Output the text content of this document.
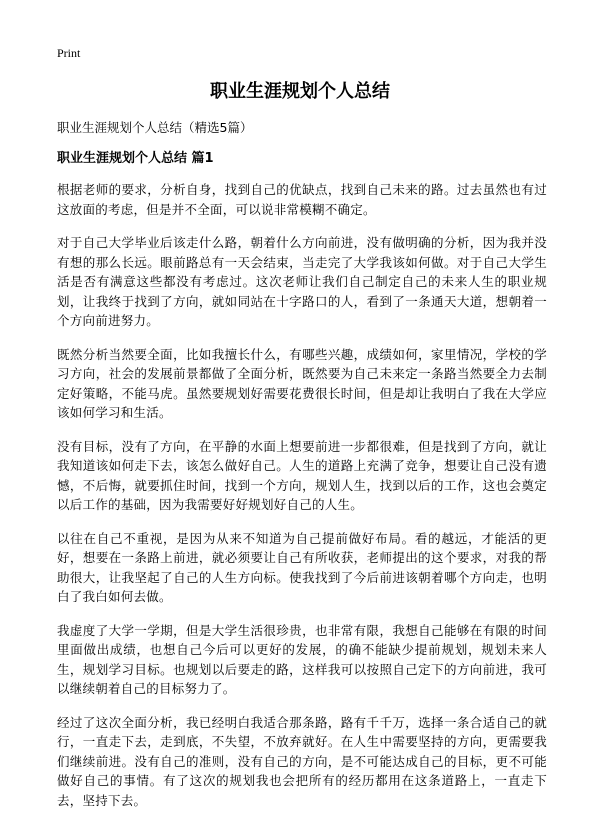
Print
职业生涯规划个人总结

职业生涯规划个人总结（精选5篇）

职业生涯规划个人总结 篇1

根据老师的要求，分析自身，找到自己的优缺点，找到自己未来的路。过去虽然也有过这放面的考虑，但是并不全面，可以说非常模糊不确定。

对于自己大学毕业后该走什么路，朝着什么方向前进，没有做明确的分析，因为我并没有想的那么长远。眼前路总有一天会结束，当走完了大学我该如何做。对于自己大学生活是否有满意这些都没有考虑过。这次老师让我们自己制定自己的未来人生的职业规划，让我终于找到了方向，就如同站在十字路口的人，看到了一条通天大道，想朝着一个方向前进努力。

既然分析当然要全面，比如我擅长什么，有哪些兴趣，成绩如何，家里情况，学校的学习方向，社会的发展前景都做了全面分析，既然要为自己未来定一条路当然要全力去制定好策略，不能马虎。虽然要规划好需要花费很长时间，但是却让我明白了我在大学应该如何学习和生活。

没有目标，没有了方向，在平静的水面上想要前进一步都很难，但是找到了方向，就让我知道该如何走下去，该怎么做好自己。人生的道路上充满了竞争，想要让自己没有遗憾，不后悔，就要抓住时间，找到一个方向，规划人生，找到以后的工作，这也会奠定以后工作的基础，因为我需要好好规划好自己的人生。

以往在自己不重视，是因为从来不知道为自己提前做好布局。看的越远，才能活的更好，想要在一条路上前进，就必须要让自己有所收获，老师提出的这个要求，对我的帮助很大，让我坚起了自己的人生方向标。使我找到了今后前进该朝着哪个方向走，也明白了我白如何去做。

我虚度了大学一学期，但是大学生活很珍贵，也非常有限，我想自己能够在有限的时间里面做出成绩，也想自己今后可以更好的发展，的确不能缺少提前规划，规划未来人生，规划学习目标。也规划以后要走的路，这样我可以按照自己定下的方向前进，我可以继续朝着自己的目标努力了。

经过了这次全面分析，我已经明白我适合那条路，路有千千万，选择一条合适自己的就行，一直走下去，走到底，不失望，不放弃就好。在人生中需要坚持的方向，更需要我们继续前进。没有自己的准则，没有自己的方向，是不可能达成自己的目标，更不可能做好自己的事情。有了这次的规划我也会把所有的经历都用在这条道路上，一直走下去，坚持下去。
